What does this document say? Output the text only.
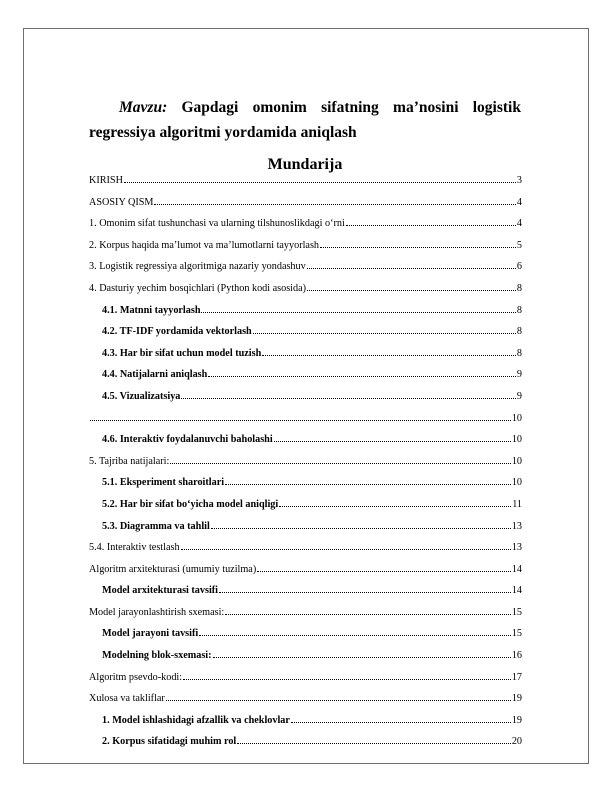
Mavzu: Gapdagi omonim sifatning ma’nosini logistik regressiya algoritmi yordamida aniqlash
Mundarija
KIRISH	3
ASOSIY QISM	4
1. Omonim sifat tushunchasi va ularning tilshunoslikdagi o‘rni	4
2. Korpus haqida ma’lumot va ma’lumotlarni tayyorlash	5
3. Logistik regressiya algoritmiga nazariy yondashuv	6
4. Dasturiy yechim bosqichlari (Python kodi asosida)	8
4.1. Matnni tayyorlash	8
4.2. TF-IDF yordamida vektorlash	8
4.3. Har bir sifat uchun model tuzish	8
4.4. Natijalarni aniqlash	9
4.5. Vizualizatsiya	9
10
4.6. Interaktiv foydalanuvchi baholashi	10
5. Tajriba natijalari:	10
5.1. Eksperiment sharoitlari	10
5.2. Har bir sifat bo‘yicha model aniqligi	11
5.3. Diagramma va tahlil	13
5.4. Interaktiv testlash	13
Algoritm arxitekturasi (umumiy tuzilma)	14
Model arxitekturasi tavsifi	14
Model jarayonlashtirish sxemasi:	15
Model jarayoni tavsifi	15
Modelning blok-sxemasi:	16
Algoritm psevdo-kodi:	17
Xulosa va takliflar	19
1. Model ishlashidagi afzallik va cheklovlar	19
2. Korpus sifatidagi muhim rol	20
